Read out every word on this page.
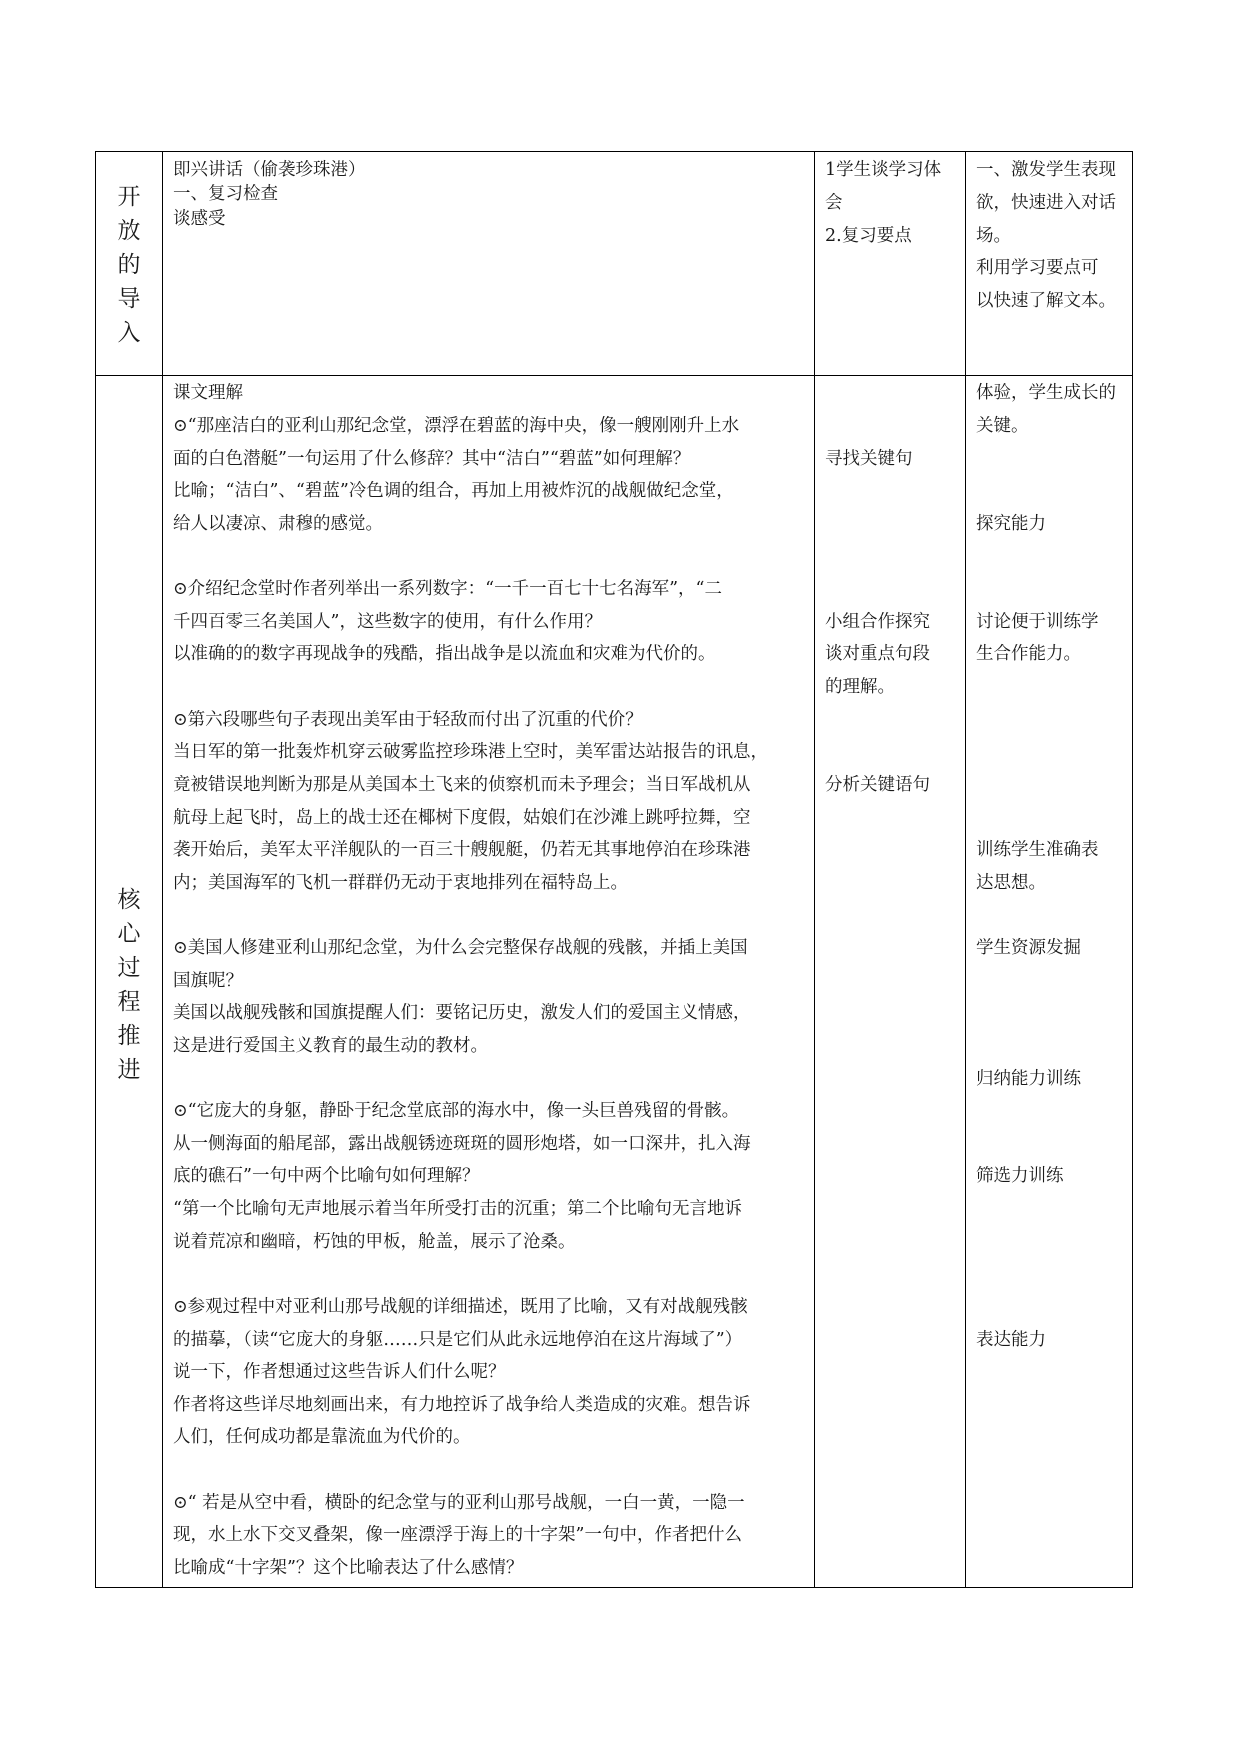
开
放
的
导
入
即兴讲话（偷袭珍珠港）
一、复习检查
谈感受
1学生谈学习体
会
2.复习要点
一、激发学生表现
欲，快速进入对话
场。
利用学习要点可
以快速了解文本。
核
心
过
程
推
进
课文理解
⊙“那座洁白的亚利山那纪念堂，漂浮在碧蓝的海中央，像一艘刚刚升上水
面的白色潜艇”一句运用了什么修辞？其中“洁白”“碧蓝”如何理解？
比喻；“洁白”、“碧蓝”冷色调的组合，再加上用被炸沉的战舰做纪念堂，
给人以凄凉、肃穆的感觉。
⊙介绍纪念堂时作者列举出一系列数字：“一千一百七十七名海军”，“二
千四百零三名美国人”，这些数字的使用，有什么作用？
以准确的的数字再现战争的残酷，指出战争是以流血和灾难为代价的。
⊙第六段哪些句子表现出美军由于轻敌而付出了沉重的代价？
当日军的第一批轰炸机穿云破雾监控珍珠港上空时，美军雷达站报告的讯息，
竟被错误地判断为那是从美国本土飞来的侦察机而未予理会；当日军战机从
航母上起飞时，岛上的战士还在椰树下度假，姑娘们在沙滩上跳呼拉舞，空
袭开始后，美军太平洋舰队的一百三十艘舰艇，仍若无其事地停泊在珍珠港
内；美国海军的飞机一群群仍无动于衷地排列在福特岛上。
⊙美国人修建亚利山那纪念堂，为什么会完整保存战舰的残骸，并插上美国
国旗呢？
美国以战舰残骸和国旗提醒人们：要铭记历史，激发人们的爱国主义情感，
这是进行爱国主义教育的最生动的教材。
⊙“它庞大的身躯，静卧于纪念堂底部的海水中，像一头巨兽残留的骨骸。
从一侧海面的船尾部，露出战舰锈迹斑斑的圆形炮塔，如一口深井，扎入海
底的礁石”一句中两个比喻句如何理解？
“第一个比喻句无声地展示着当年所受打击的沉重；第二个比喻句无言地诉
说着荒凉和幽暗，朽蚀的甲板，舱盖，展示了沧桑。
⊙参观过程中对亚利山那号战舰的详细描述，既用了比喻，又有对战舰残骸
的描摹，（读“它庞大的身躯……只是它们从此永远地停泊在这片海域了”）
说一下，作者想通过这些告诉人们什么呢？
作者将这些详尽地刻画出来，有力地控诉了战争给人类造成的灾难。想告诉
人们，任何成功都是靠流血为代价的。
⊙“ 若是从空中看，横卧的纪念堂与的亚利山那号战舰，一白一黄，一隐一
现，水上水下交叉叠架，像一座漂浮于海上的十字架”一句中，作者把什么
比喻成“十字架”？这个比喻表达了什么感情？
寻找关键句
小组合作探究
谈对重点句段
的理解。
分析关键语句
体验，学生成长的
关键。
探究能力
讨论便于训练学
生合作能力。
训练学生准确表
达思想。
学生资源发掘
归纳能力训练
筛选力训练
表达能力
